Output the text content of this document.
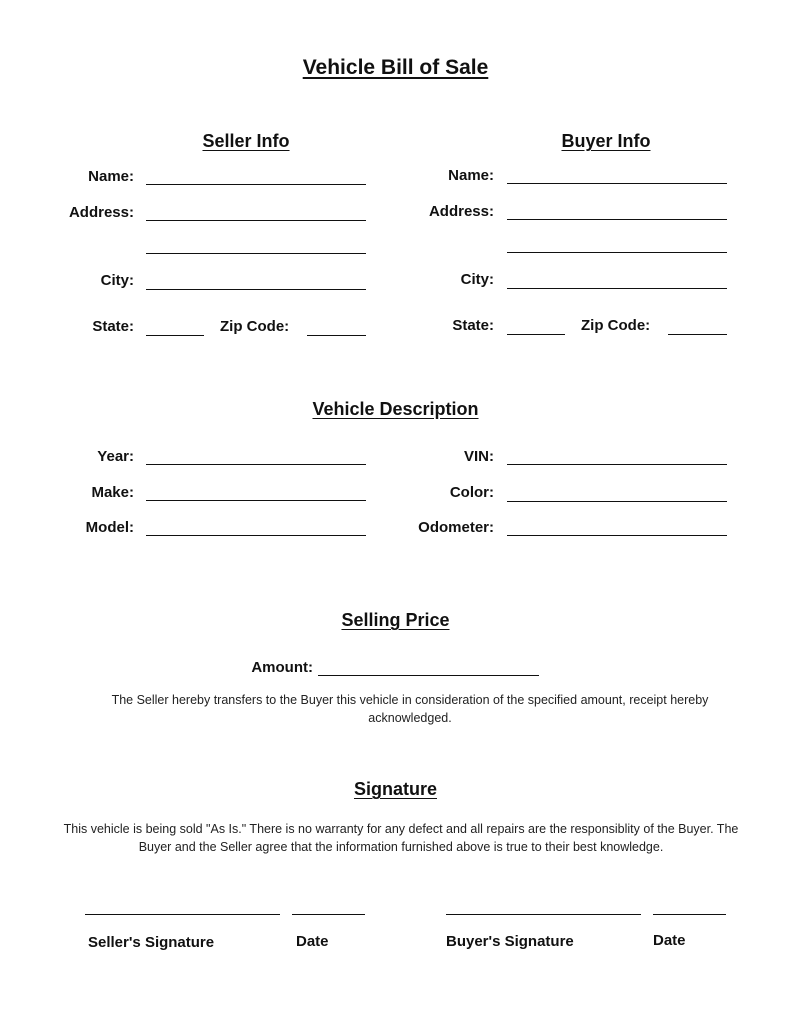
Vehicle Bill of Sale
Seller Info
Name:
Address:
City:
State:	Zip Code:
Buyer Info
Name:
Address:
City:
State:	Zip Code:
Vehicle Description
Year:
Make:
Model:
VIN:
Color:
Odometer:
Selling Price
Amount:
The Seller hereby transfers to the Buyer this vehicle in consideration of the specified amount, receipt hereby acknowledged.
Signature
This vehicle is being sold "As Is." There is no warranty for any defect and all repairs are the responsiblity of the Buyer. The Buyer and the Seller agree that the information furnished above is true to their best knowledge.
Seller's Signature	Date	Buyer's Signature	Date
